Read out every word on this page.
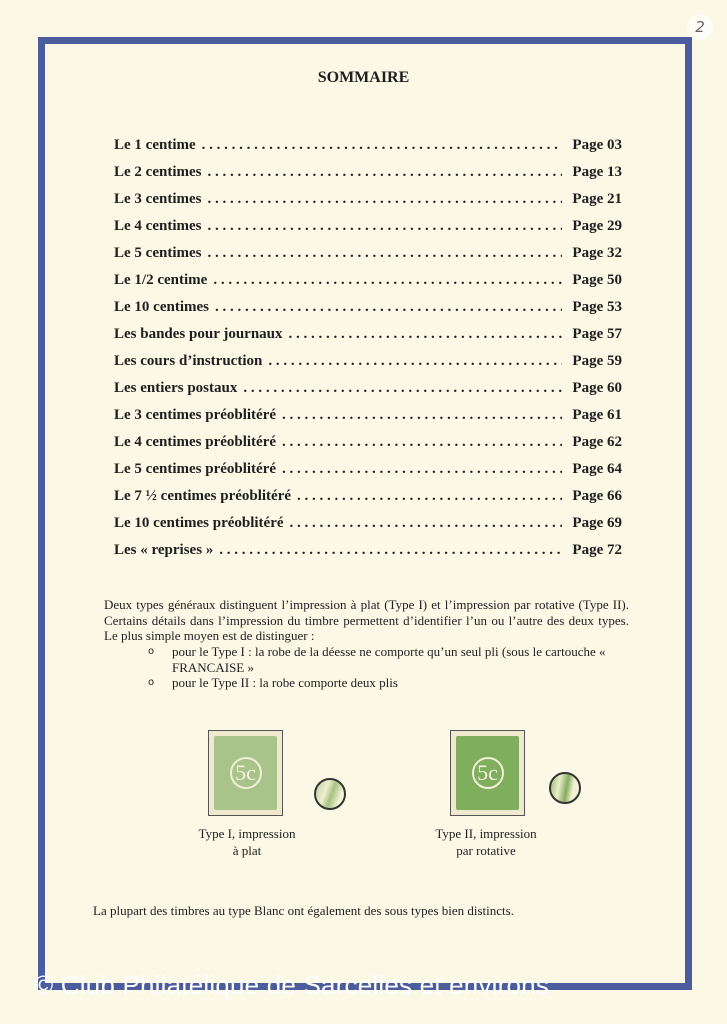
2
SOMMAIRE
Le 1 centime . . .	Page 03
Le 2 centimes . . .	Page 13
Le 3 centimes . . .	Page 21
Le 4 centimes . . .	Page 29
Le 5 centimes . . .	Page 32
Le 1/2 centime . . .	Page 50
Le 10 centimes . . .	Page 53
Les bandes pour journaux . . .	Page 57
Les cours d’instruction . . .	Page 59
Les entiers postaux . . .	Page 60
Le 3 centimes préoblitéré . . .	Page 61
Le 4 centimes préoblitéré . . .	Page 62
Le 5 centimes préoblitéré . . .	Page 64
Le 7 ½ centimes préoblitéré . . .	Page 66
Le 10 centimes préoblitéré . . .	Page 69
Les « reprises » . . .	Page 72
Deux types généraux distinguent l’impression à plat (Type I) et l’impression par rotative (Type II). Certains détails dans l’impression du timbre permettent d’identifier l’un ou l’autre des deux types. Le plus simple moyen est de distinguer :
o	pour le Type I : la robe de la déesse ne comporte qu’un seul pli (sous le cartouche « FRANCAISE »
o	pour le Type II : la robe comporte deux plis
5c
Type I, impression
à plat
5c
Type II, impression
par rotative
La plupart des timbres au type Blanc ont également des sous types bien distincts.
© Club Philatélique de Sarcelles et environs
